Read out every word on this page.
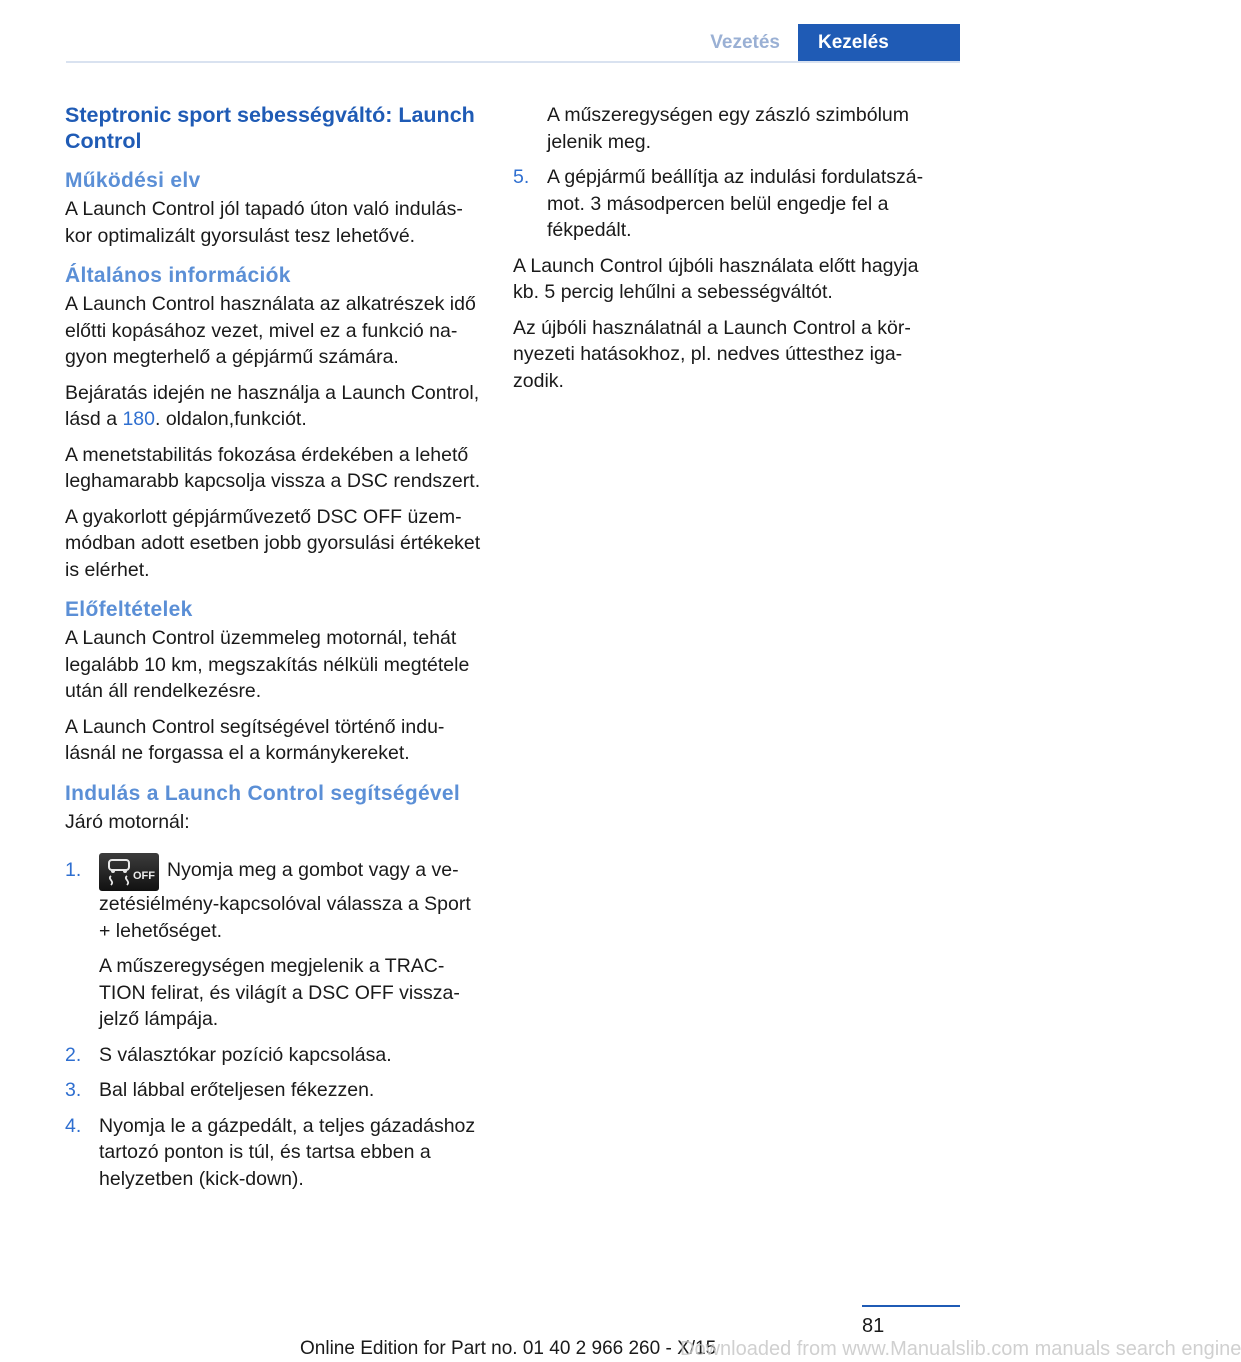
Vezetés	Kezelés
Steptronic sport sebességváltó: Launch Control
Működési elv

A Launch Control jól tapadó úton való induláskor optimalizált gyorsulást tesz lehetővé.

Általános információk

A Launch Control használata az alkatrészek idő előtti kopásához vezet, mivel ez a funkció nagyon megterhelő a gépjármű számára.

Bejáratás idején ne használja a Launch Control, lásd a 180. oldalon,funkciót.

A menetstabilitás fokozása érdekében a lehető leghamarabb kapcsolja vissza a DSC rendszert.

A gyakorlott gépjárművezető DSC OFF üzemmódban adott esetben jobb gyorsulási értékeket is elérhet.

Előfeltételek

A Launch Control üzemmeleg motornál, tehát legalább 10 km, megszakítás nélküli megtétele után áll rendelkezésre.

A Launch Control segítségével történő indulásnál ne forgassa el a kormánykereket.

Indulás a Launch Control segítségével

Járó motornál:

1.	OFF Nyomja meg a gombot vagy a vezetésiélmény-kapcsolóval válassza a Sport + lehetőséget.

A műszeregységen megjelenik a TRACTION felirat, és világít a DSC OFF visszajelző lámpája.

2. S választókar pozíció kapcsolása.

3. Bal lábbal erőteljesen fékezzen.

4. Nyomja le a gázpedált, a teljes gázadáshoz tartozó ponton is túl, és tartsa ebben a helyzetben (kick-down).

A műszeregységen egy zászló szimbólum jelenik meg.

5. A gépjármű beállítja az indulási fordulatszámot. 3 másodpercen belül engedje fel a fékpedált.

A Launch Control újbóli használata előtt hagyja kb. 5 percig lehűlni a sebességváltót.

Az újbóli használatnál a Launch Control a környezeti hatásokhoz, pl. nedves úttesthez igazodik.

81
Online Edition for Part no. 01 40 2 966 260 - X/15
Downloaded from www.Manualslib.com manuals search engine
